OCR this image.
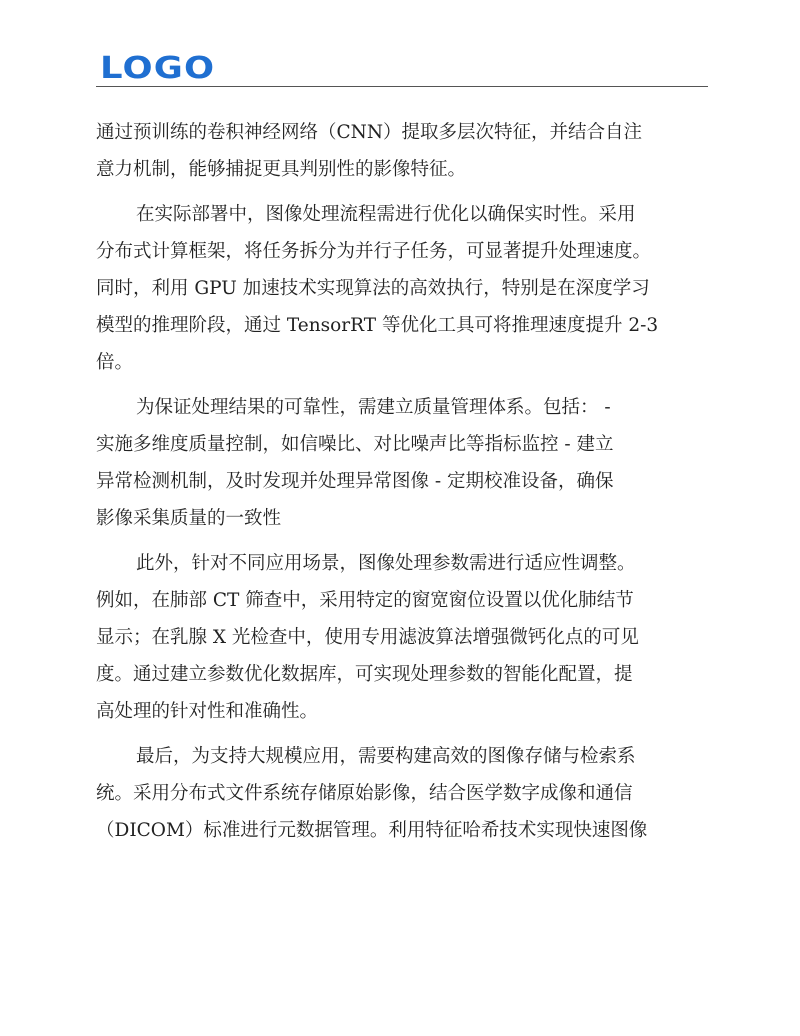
LOGO
通过预训练的卷积神经网络（CNN）提取多层次特征，并结合自注
意力机制，能够捕捉更具判别性的影像特征。
在实际部署中，图像处理流程需进行优化以确保实时性。采用
分布式计算框架，将任务拆分为并行子任务，可显著提升处理速度。
同时，利用 GPU 加速技术实现算法的高效执行，特别是在深度学习
模型的推理阶段，通过 TensorRT 等优化工具可将推理速度提升 2-3
倍。
为保证处理结果的可靠性，需建立质量管理体系。包括： -
实施多维度质量控制，如信噪比、对比噪声比等指标监控 - 建立
异常检测机制，及时发现并处理异常图像 - 定期校准设备，确保
影像采集质量的一致性
此外，针对不同应用场景，图像处理参数需进行适应性调整。
例如，在肺部 CT 筛查中，采用特定的窗宽窗位设置以优化肺结节
显示；在乳腺 X 光检查中，使用专用滤波算法增强微钙化点的可见
度。通过建立参数优化数据库，可实现处理参数的智能化配置，提
高处理的针对性和准确性。
最后，为支持大规模应用，需要构建高效的图像存储与检索系
统。采用分布式文件系统存储原始影像，结合医学数字成像和通信
（DICOM）标准进行元数据管理。利用特征哈希技术实现快速图像
